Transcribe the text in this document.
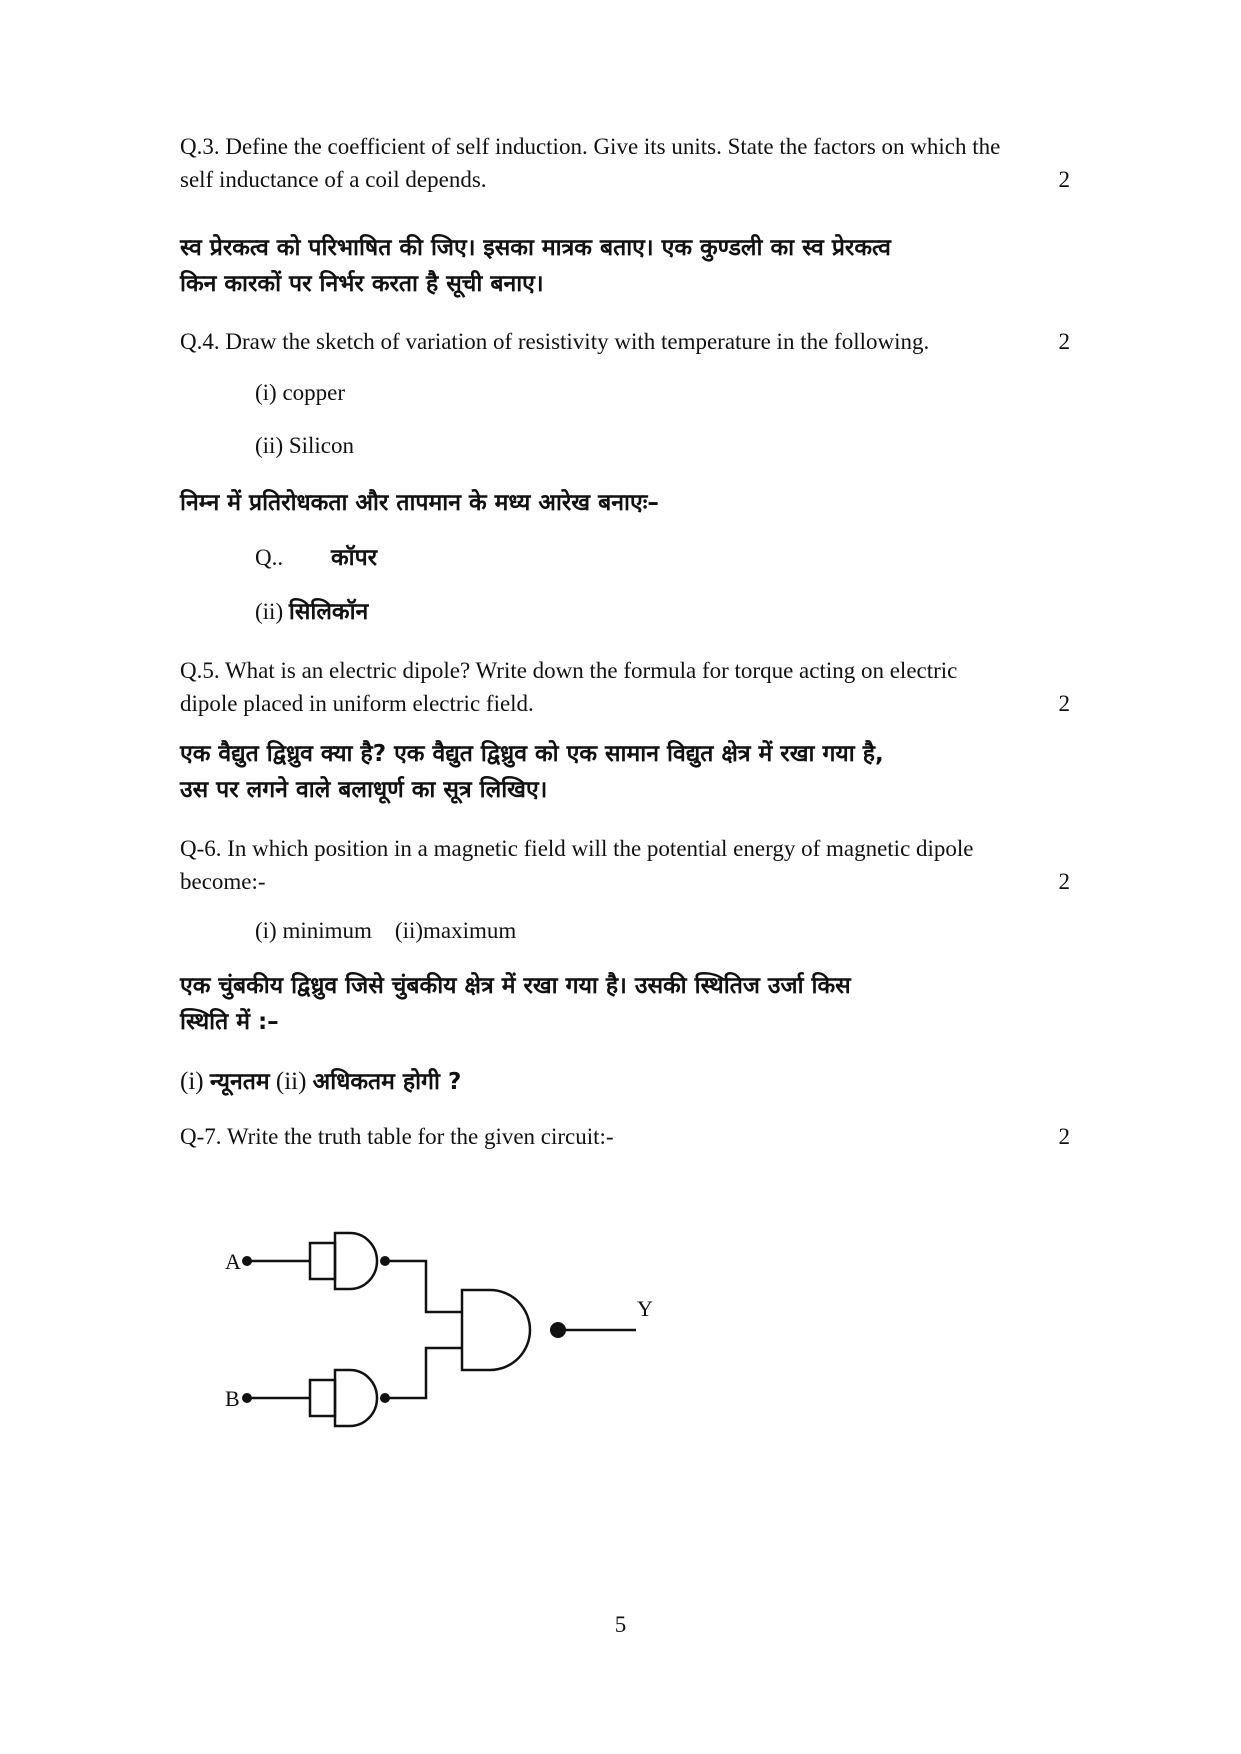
Q.3. Define the coefficient of self induction. Give its units. State the factors on which the
self inductance of a coil depends.	2
स्व प्रेरकत्व को परिभाषित की जिए। इसका मात्रक बताए। एक कुण्डली का स्व प्रेरकत्व
किन कारकों पर निर्भर करता है सूची बनाए।
Q.4. Draw the sketch of variation of resistivity with temperature in the following.	2
(i) copper
(ii) Silicon
निम्न में प्रतिरोधकता और तापमान के मध्य आरेख बनाएः–
Q.. कॉपर
(ii) सिलिकॉन
Q.5. What is an electric dipole? Write down the formula for torque acting on electric
dipole placed in uniform electric field.	2
एक वैद्युत द्विध्रुव क्या है? एक वैद्युत द्विध्रुव को एक सामान विद्युत क्षेत्र में रखा गया है,
उस पर लगने वाले बलाधूर्ण का सूत्र लिखिए।
Q-6. In which position in a magnetic field will the potential energy of magnetic dipole
become:-	2
(i) minimum    (ii)maximum
एक चुंबकीय द्विध्रुव जिसे चुंबकीय क्षेत्र में रखा गया है। उसकी स्थितिज उर्जा किस
स्थिति में :–
(i) न्यूनतम (ii) अधिकतम होगी ?
Q-7. Write the truth table for the given circuit:-	2
A
B
Y
5
